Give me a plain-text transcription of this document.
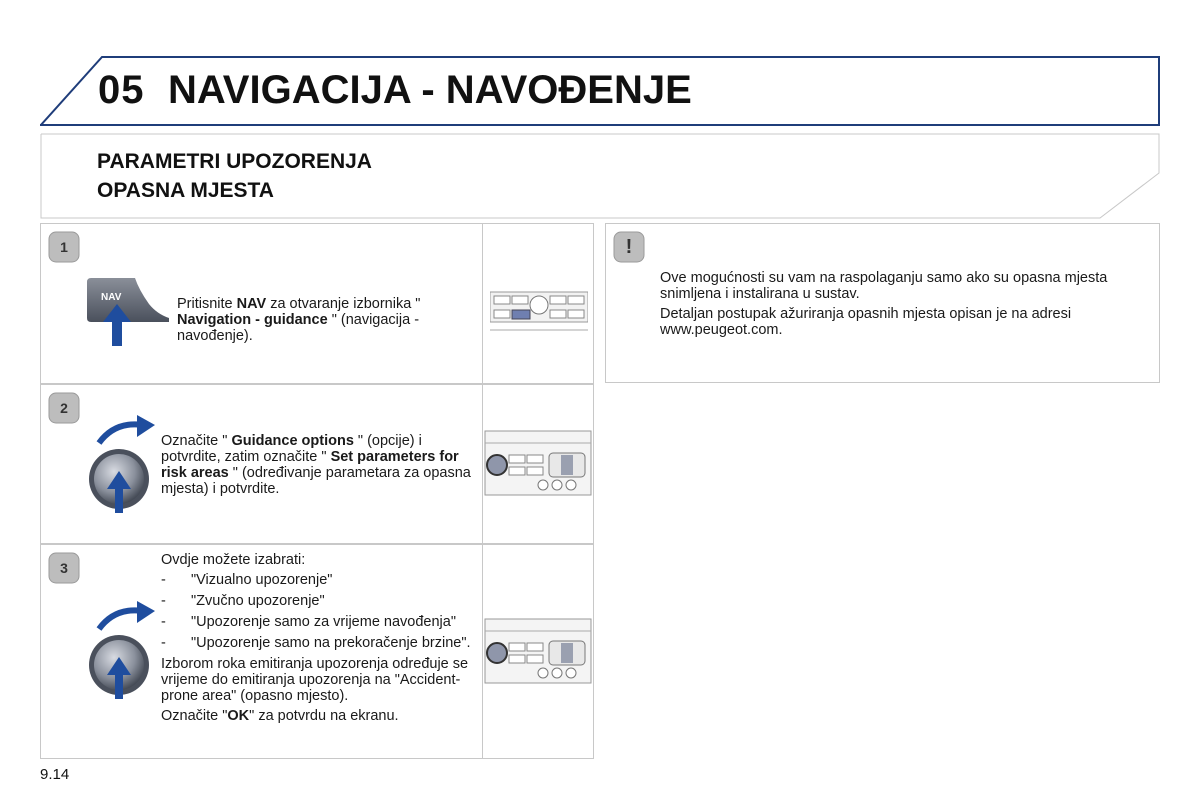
05 NAVIGACIJA - NAVOĐENJE
PARAMETRI UPOZORENJA
OPASNA MJESTA
1
NAV	Pritisnite NAV za otvaranje izbornika " Navigation - guidance " (navigacija - navođenje).
2
Označite " Guidance options " (opcije) i potvrdite, zatim označite " Set parameters for risk areas " (određivanje parametara za opasna mjesta) i potvrdite.
3	Ovdje možete izabrati:

- "Vizualno upozorenje"
- "Zvučno upozorenje"
- "Upozorenje samo za vrijeme navođenja"
- "Upozorenje samo na prekoračenje brzine".

Izborom roka emitiranja upozorenja određuje se vrijeme do emitiranja upozorenja na "Accident-prone area" (opasno mjesto).

Označite "OK" za potvrdu na ekranu.

!

Ove mogućnosti su vam na raspolaganju samo ako su opasna mjesta snimljena i instalirana u sustav.

Detaljan postupak ažuriranja opasnih mjesta opisan je na adresi www.peugeot.com.

9.14
